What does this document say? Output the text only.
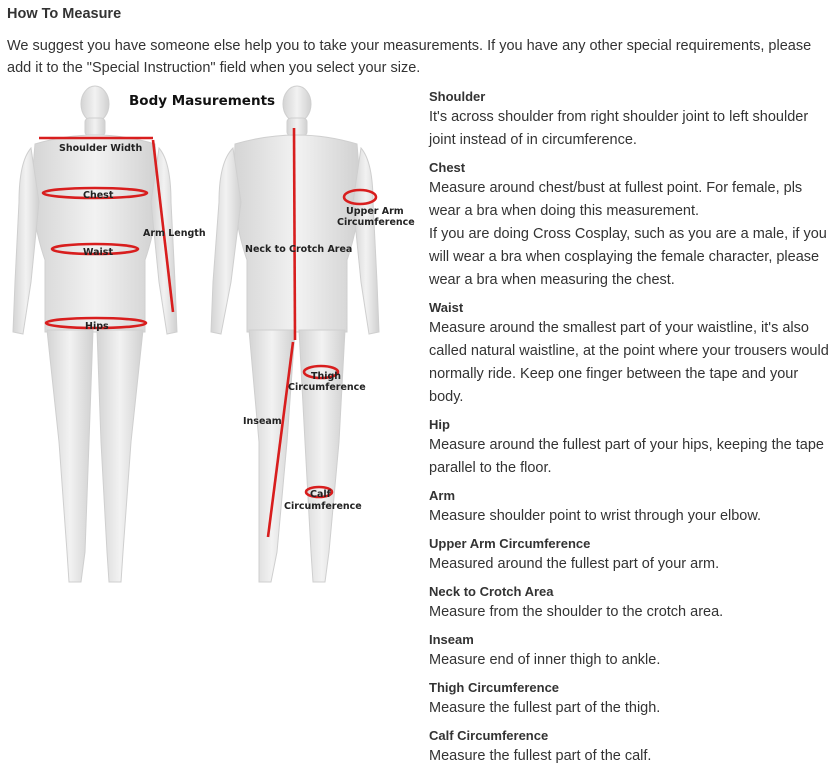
How To Measure
We suggest you have someone else help you to take your measurements. If you have any other special requirements, please add it to the "Special Instruction" field when you select your size.
Body Masurements
Shoulder Width
Chest
Waist
Hips
Arm Length
Upper Arm
Circumference
Neck to Crotch Area
Thigh
Circumference
Inseam
Calf
Circumference
Shoulder
It's across shoulder from right shoulder joint to left shoulder joint instead of in circumference.
Chest
Measure around chest/bust at fullest point. For female, pls wear a bra when doing this measurement.
If you are doing Cross Cosplay, such as you are a male, if you will wear a bra when cosplaying the female character, please wear a bra when measuring the chest.
Waist
Measure around the smallest part of your waistline, it's also called natural waistline, at the point where your trousers would normally ride. Keep one finger between the tape and your body.
Hip
Measure around the fullest part of your hips, keeping the tape parallel to the floor.
Arm
Measure shoulder point to wrist through your elbow.
Upper Arm Circumference
Measured around the fullest part of your arm.
Neck to Crotch Area
Measure from the shoulder to the crotch area.
Inseam
Measure end of inner thigh to ankle.
Thigh Circumference
Measure the fullest part of the thigh.
Calf Circumference
Measure the fullest part of the calf.
